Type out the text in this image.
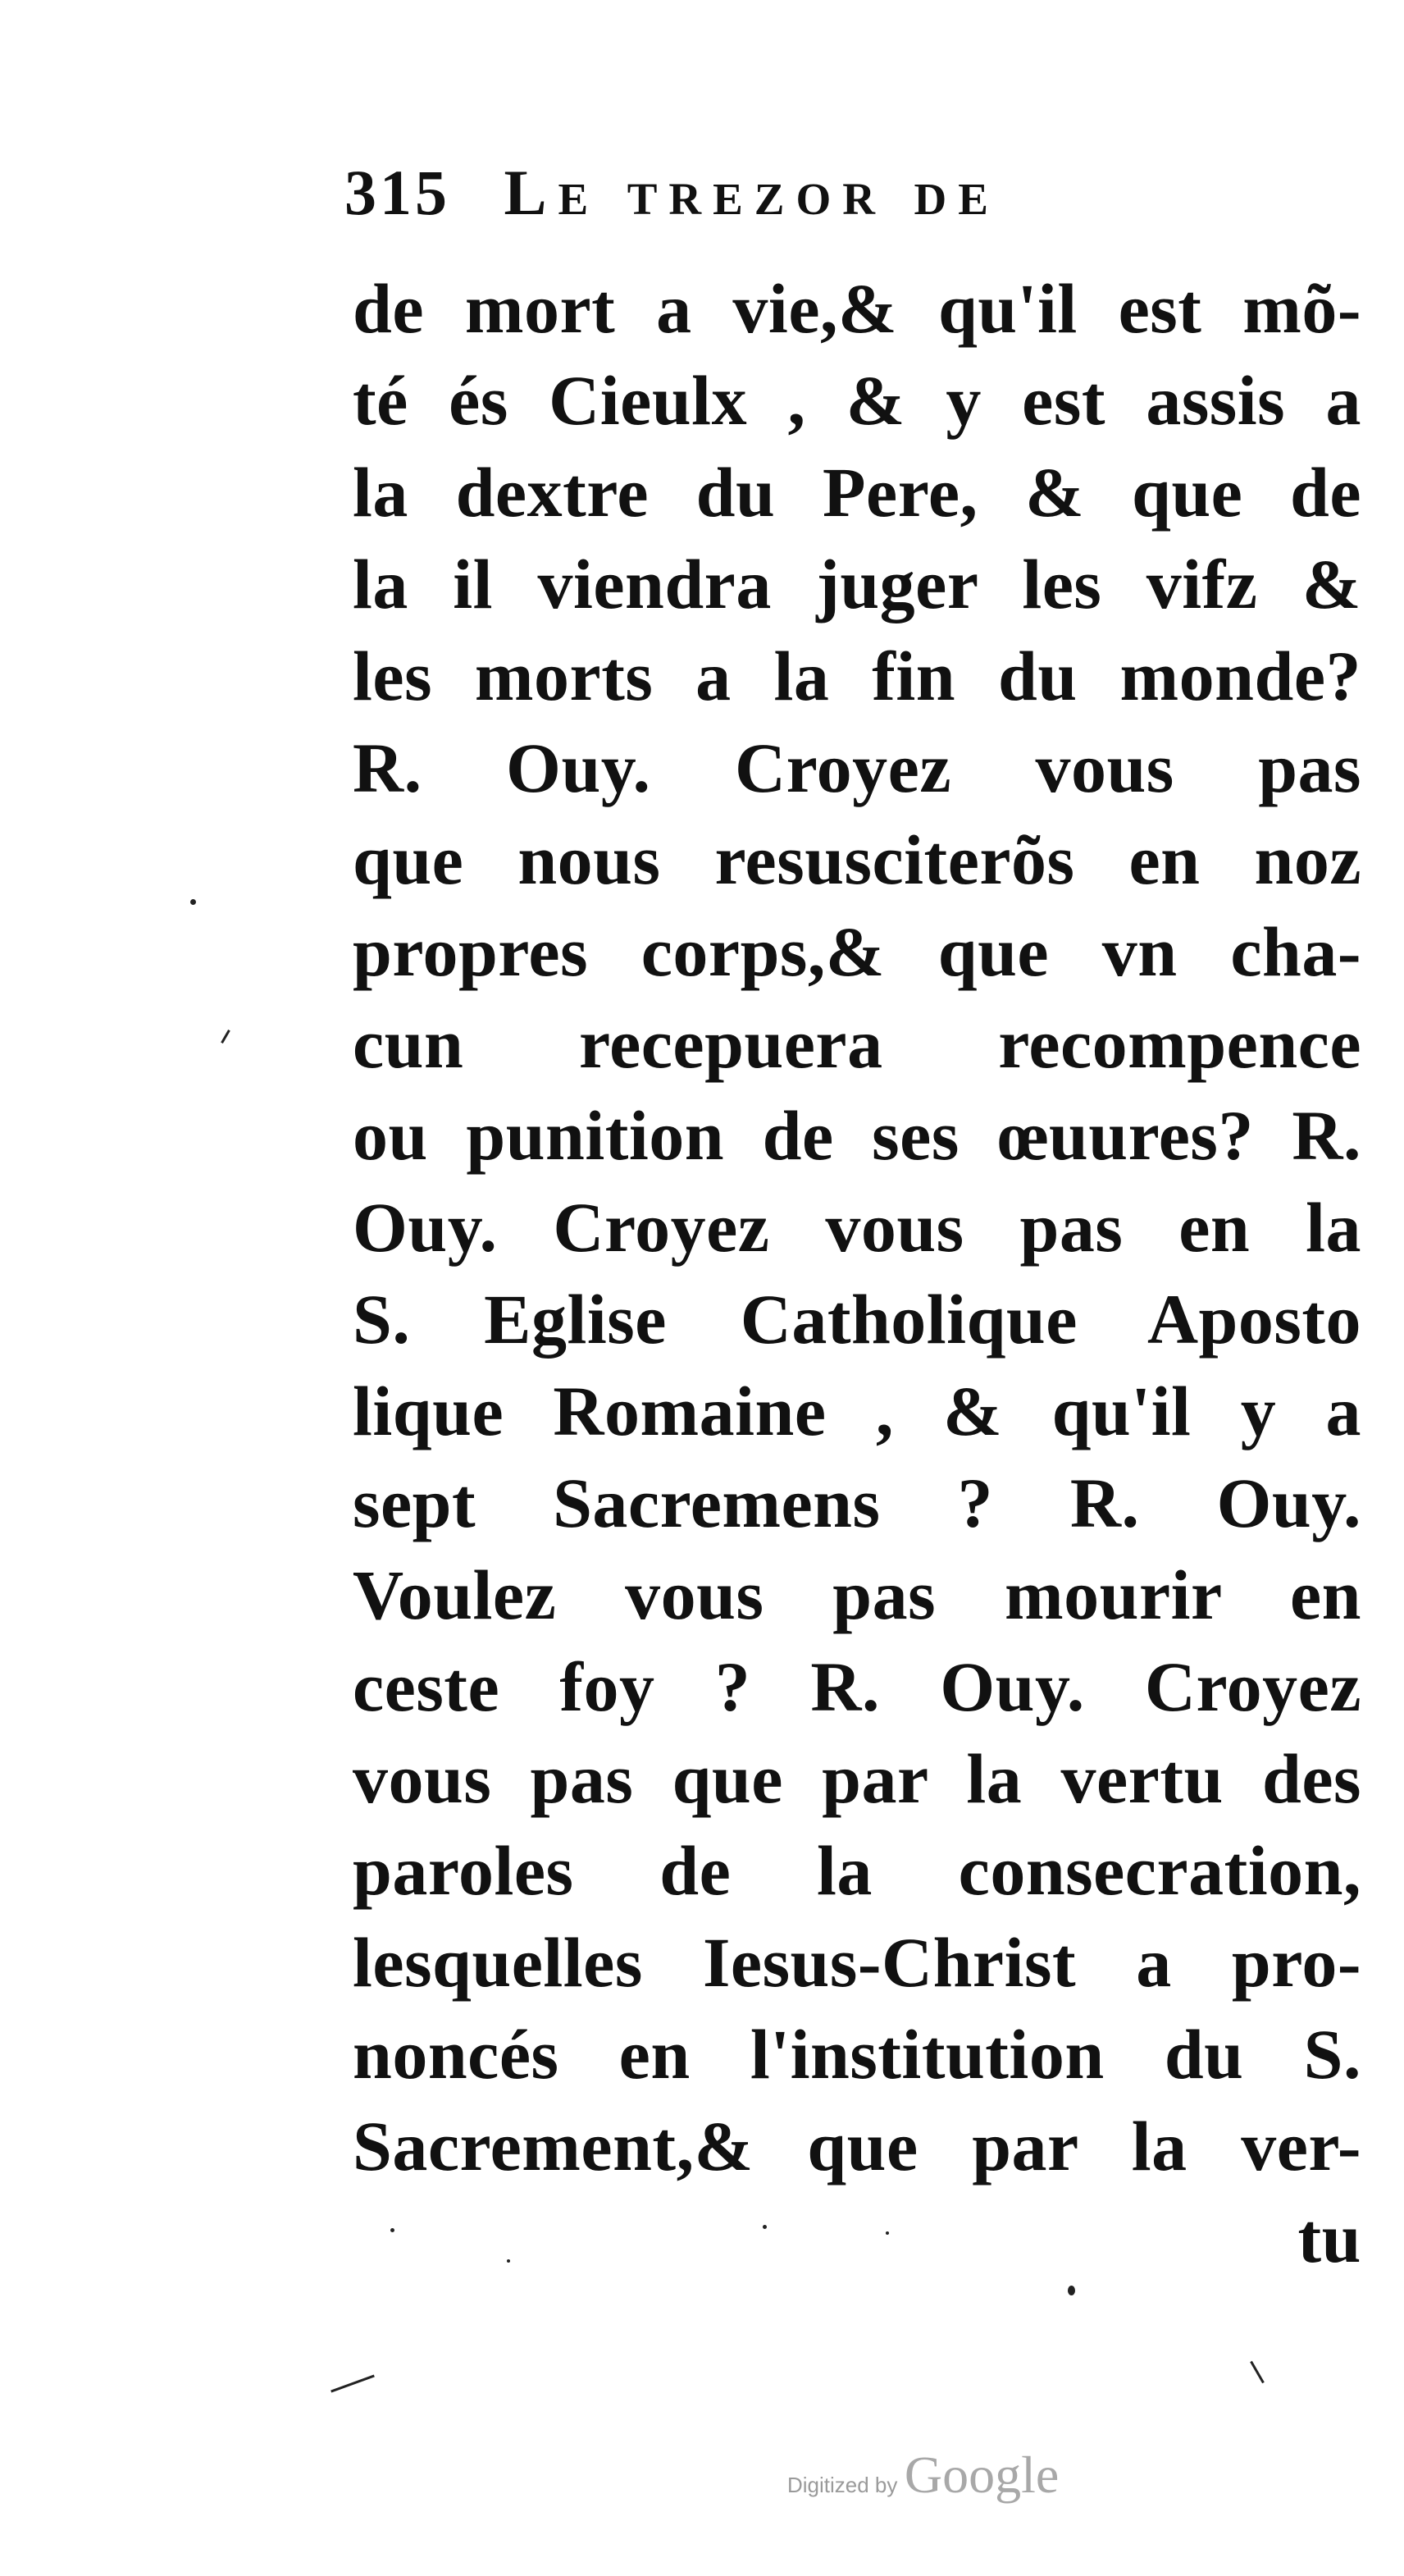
315 Le trezor de
de mort a vie,& qu'il est mõ-
té és Cieulx , & y est assis a
la dextre du Pere, & que de
la il viendra juger les vifz &
les morts a la fin du monde?
R. Ouy. Croyez vous pas
que nous resusciterõs en noz
propres corps,& que vn cha-
cun recepuera recompence
ou punition de ses œuures? R.
Ouy. Croyez vous pas en la
S. Eglise Catholique Aposto
lique Romaine , & qu'il y a
sept Sacremens ? R. Ouy.
Voulez vous pas mourir en
ceste foy ? R. Ouy. Croyez
vous pas que par la vertu des
paroles de la consecration,
lesquelles Iesus-Christ a pro-
noncés en l'institution du S.
Sacrement,& que par la ver-
tu
Digitized by Google
